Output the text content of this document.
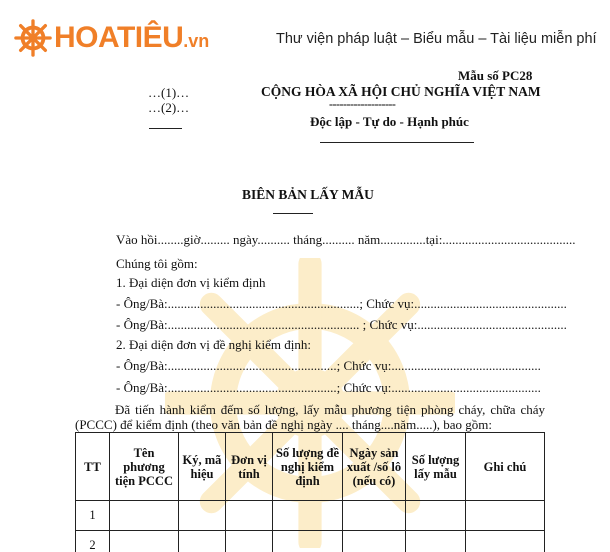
HOATIÊU.vn	Thư viện pháp luật – Biểu mẫu – Tài liệu miễn phí
Mẫu số PC28
…(1)…
…(2)…
CỘNG HÒA XÃ HỘI CHỦ NGHĨA VIỆT NAM
-------------------
Độc lập - Tự do - Hạnh phúc
BIÊN BẢN LẤY MẪU
Vào hồi........giờ......... ngày.......... tháng.......... năm..............tại:.........................................
Chúng tôi gồm:
1. Đại diện đơn vị kiểm định
- Ông/Bà:...........................................................; Chức vụ:...............................................
- Ông/Bà:........................................................... ; Chức vụ:..............................................
2. Đại diện đơn vị đề nghị kiểm định:
- Ông/Bà:....................................................; Chức vụ:..............................................
- Ông/Bà:....................................................; Chức vụ:..............................................
Đã tiến hành kiểm đếm số lượng, lấy mẫu phương tiện phòng cháy, chữa cháy (PCCC) để kiểm định (theo văn bản đề nghị ngày .... tháng....năm.....), bao gồm:
TT	Tên phương tiện PCCC	Ký, mã hiệu	Đơn vị tính	Số lượng đề nghị kiểm định	Ngày sản xuất /số lô (nếu có)	Số lượng lấy mẫu	Ghi chú
1							
2							
